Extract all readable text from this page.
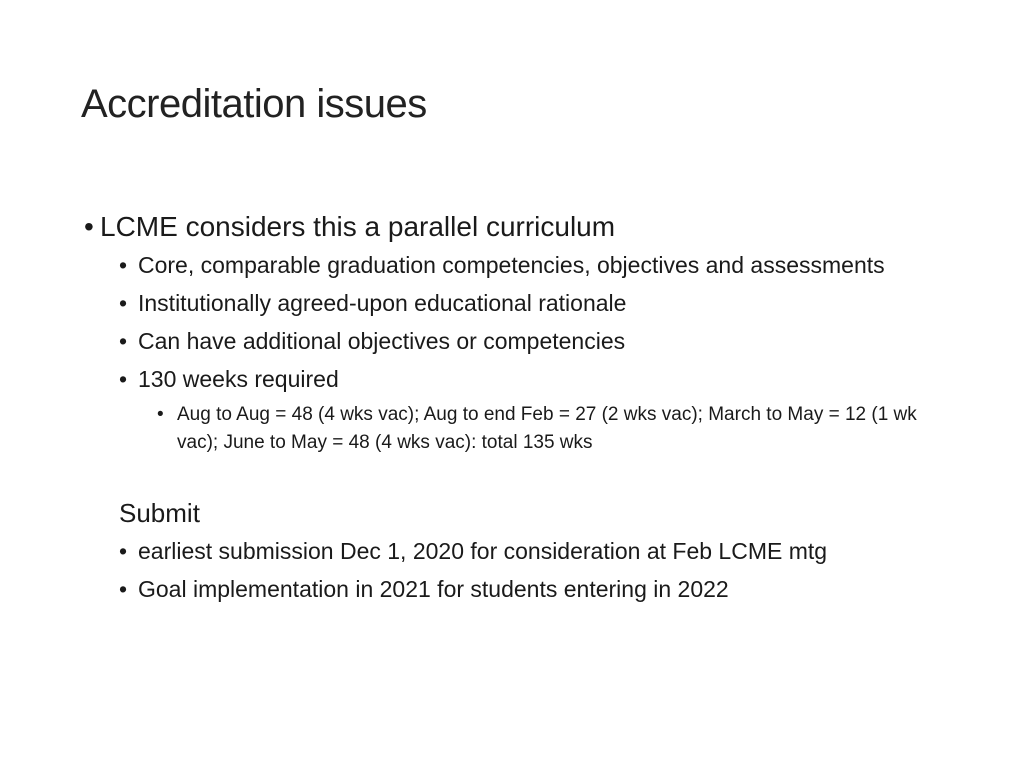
Accreditation issues
• LCME considers this a parallel curriculum
• Core, comparable graduation competencies, objectives and assessments
• Institutionally agreed-upon educational rationale
• Can have additional objectives or competencies
• 130 weeks required
• Aug to Aug = 48 (4 wks vac); Aug to end Feb = 27 (2 wks vac); March to May = 12 (1 wk vac); June to May = 48 (4 wks vac): total 135 wks
Submit
• earliest submission Dec 1, 2020 for consideration at Feb LCME mtg
• Goal implementation in 2021 for students entering in 2022
